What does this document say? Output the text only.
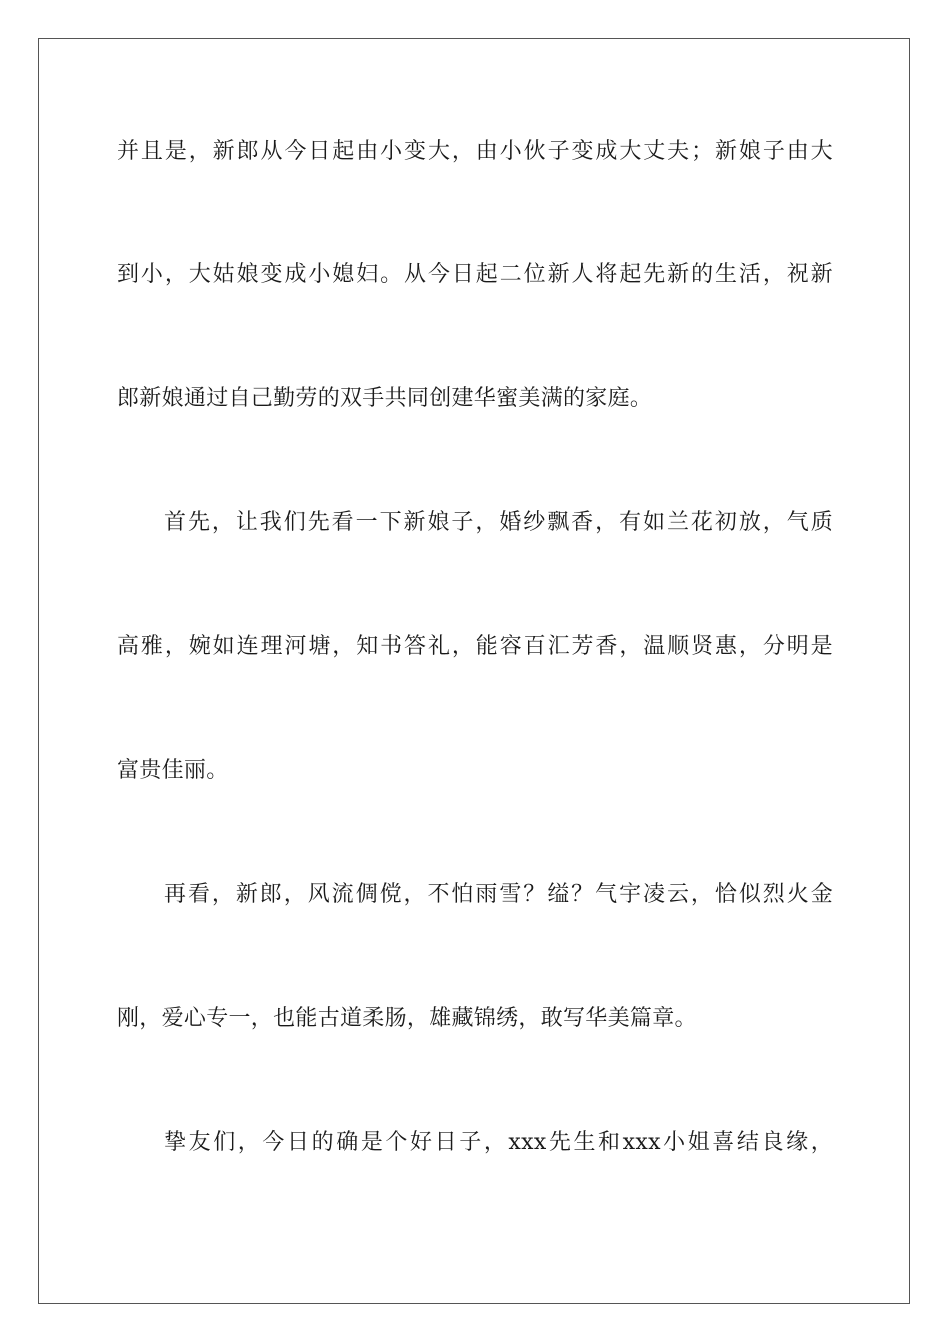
并且是，新郎从今日起由小变大，由小伙子变成大丈夫；新娘子由大
到小，大姑娘变成小媳妇。从今日起二位新人将起先新的生活，祝新
郎新娘通过自己勤劳的双手共同创建华蜜美满的家庭。
首先，让我们先看一下新娘子，婚纱飘香，有如兰花初放，气质
高雅，婉如连理河塘，知书答礼，能容百汇芳香，温顺贤惠，分明是
富贵佳丽。
再看，新郎，风流倜傥，不怕雨雪？缢？气宇凌云，恰似烈火金
刚，爱心专一，也能古道柔肠，雄藏锦绣，敢写华美篇章。
挚友们，今日的确是个好日子，xxx先生和xxx小姐喜结良缘，
